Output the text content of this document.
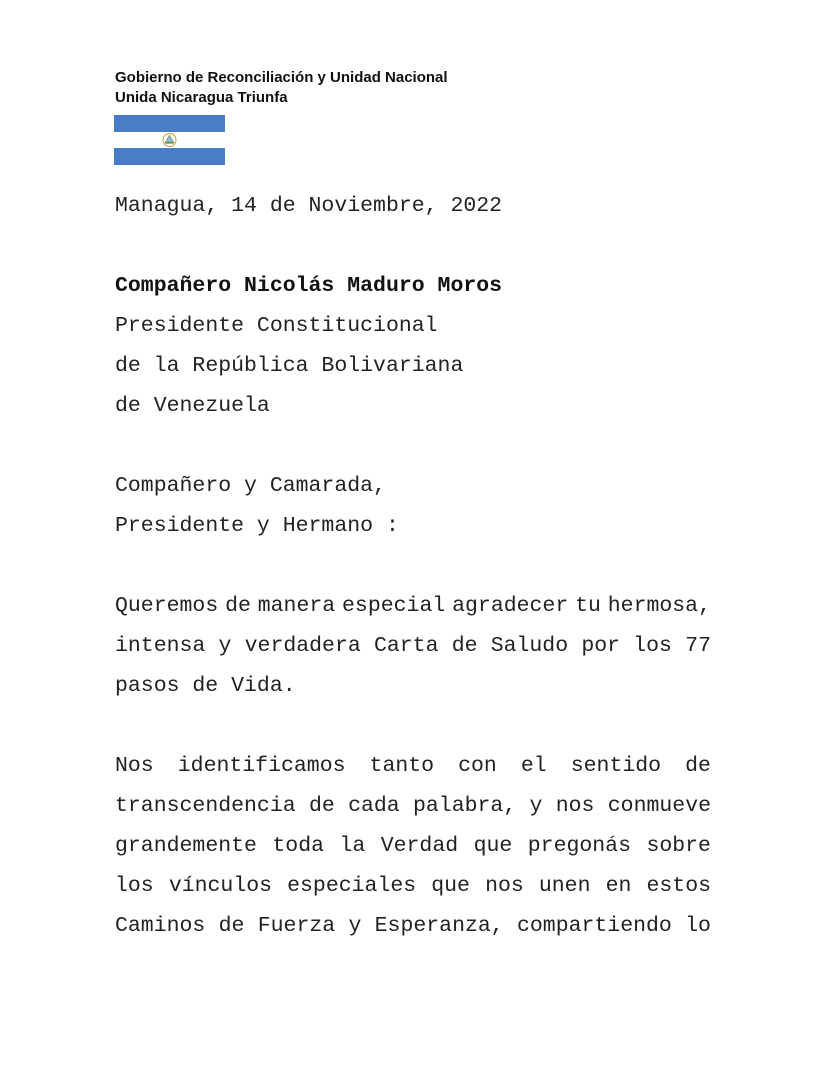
Gobierno de Reconciliación y Unidad Nacional
Unida Nicaragua Triunfa
Managua, 14 de Noviembre, 2022
Compañero Nicolás Maduro Moros
Presidente Constitucional
de la República Bolivariana
de Venezuela
Compañero y Camarada,
Presidente y Hermano :
Queremos de manera especial agradecer tu hermosa,
intensa y verdadera Carta de Saludo por los 77
pasos de Vida.
Nos identificamos tanto con el sentido de
transcendencia de cada palabra, y nos conmueve
grandemente toda la Verdad que pregonás sobre
los vínculos especiales que nos unen en estos
Caminos de Fuerza y Esperanza, compartiendo lo
